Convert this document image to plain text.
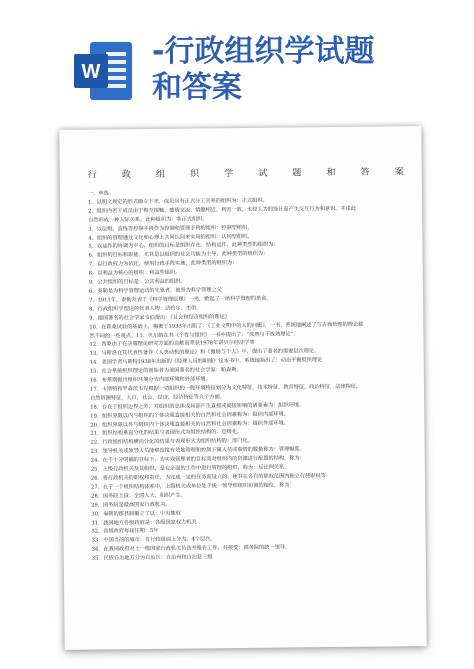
W
-行政组织学试题
和答案
行	政	组	织	学	试	题	和	答	案
一、单选
1．以明文规定的形式确立下来，成员具有正式分工关系的组织为：正式组织。
2．组织内若干成员由于相互接触、感情交流、情趣相近、利害一致，未经人为的设计而产生交互行为和意识，并由此
自然形成一种人际关系，此种组织为：非正式组织。
3．以层级、直线等控制手段作为控制和管理手段的组织：控制型组织。
4．组织的管理通过文化和心理上共同认同来实现的组织：认同型组织。
5．以运作的协调为中心，组织的目标是组织存在、结构运作，此种类型的组织为：
6．组织的目标和职能，尤其是以组织的社会功能为主导，此种类型的组织为：
7．以行政权力为依托，使用行政手段实施，此种类型的组织为：
8．以利益为核心的组织：利益型组织。
9．公共组织的目标是：公共利益的组织。
6．泰勒是为科学管理运动的先驱者，被誉为科学管理之父
7．1911年，泰勒发表了《科学管理原理》一书，掀起了一场科学管理的革命。
8．行政组织学理论的代表人物：法约尔、韦伯。
9．德国著名的社会学家韦伯提出：《社会和经济组织的理论》
10．在霍桑试验的基础上，梅奥于1933年出版了：《工业文明中的人的问题》，一书，系统地阐述了与古典管理的理论截
然不同的一些观点。11．贝尔纳在其《个性与组织》一书中提出了：“成熟与不成熟理论”。
12．西蒙由于在决策理论研究方面的贡献而荣获1978年诺贝尔经济学奖
13．马斯洛在其代表性著作《人类动机的理论》和《激励与个人》中，提出了著名的需要层次理论。
14．美国学者马斯特1938年出版的《经理人员的职能》这本书中，系统地指出了：动态平衡组织理论
15．社会系统组织理论的创始者为美国著名的社会学家：帕森斯。
16．布莱斯提出组织环境分为内部环境和外部环境。
17．卡斯特和罗森茨韦克根据一切组织的一般环境特征划分为文化特征，技术特征，教育特征，政治特征，法律特征，
自然资源特征，人口，社会，经济，经济特征等九个方面。
18．存在于组织边界之外，对组织的总体或局部产生直接或间接影响的诸要素为：组织环境。
19．组织界限以内与组织的个体决策直接相关的自然和社会因素称为：组织内部环境。
20．组织界限以外与组织内个体决策直接相关的自然和社会因素称为：组织外部环境。
21．组织结构垂直分化的结果与表现形式为组织结构的：层级化。
22．行政组织结构横向分化的结果与表现形式为组织结构的：部门化。
23．领导机关或领导人员能够直接有效地管理和控制下属人员或事情的数量称为：管理幅度。
24．在不十分明确的目标下，为实现管理者的目标而对组织内的资源进行配置的结构，称为：
25．上级行政机关及其组织，是在全面的工作中进行管理的组织，称为：反比例关系。
26．将行政机关的职权和责任，为完成一定的任务而设立的，使其在各自的职权范围内独立行使职权等：
27．在于一个组织结构体系中，上级机关或单位处于统一领导和组织协调的地位，称为：
28．国务院上设：全国人大，组织产生。
29．国务院是最高国家行政机关。
30．秦朝的郡县制确立了以：中央集权
31．我国地方各级政府是：各级国家权力机关
32．省级政府每届任期：5年
33．中国当前的城市：有行政级别上分为。4个层次。
34．在我国政府对上一级国家行政机关负责并报告工作，并接受：国务院的统一领导。
35．民族自治地方分为自治区：自治州和自治县三级
